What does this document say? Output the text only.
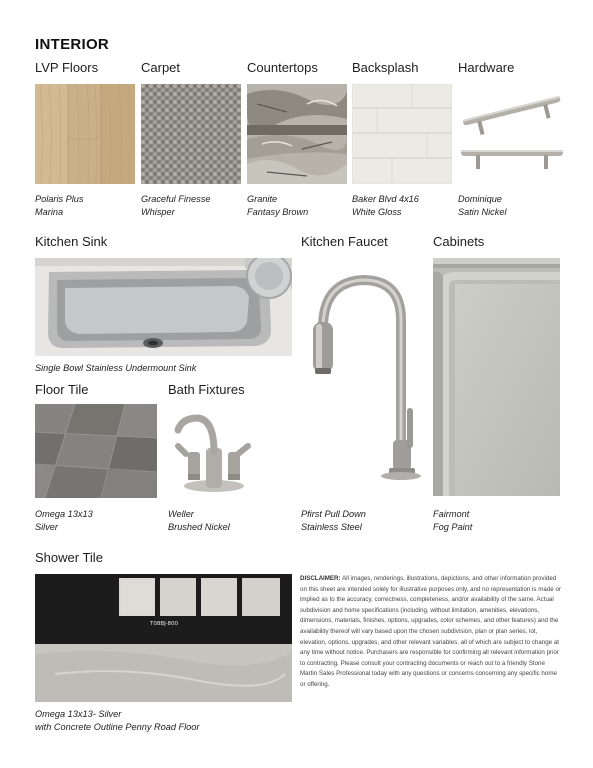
INTERIOR
LVP Floors	Carpet	Countertops	Backsplash	Hardware
Polaris Plus
Marina
Graceful Finesse
Whisper
Granite
Fantasy Brown
Baker Blvd 4x16
White Gloss
Dominique
Satin Nickel
Kitchen Sink	Kitchen Faucet	Cabinets
Single Bowl Stainless Undermount Sink
Floor Tile	Bath Fixtures
Omega 13x13
Silver
Weller
Brushed Nickel
Pfirst Pull Down
Stainless Steel
Fairmont
Fog Paint
Shower Tile
T08BJ-800
Omega 13x13- Silver
with Concrete Outline Penny Road Floor
DISCLAIMER: All images, renderings, illustrations, depictions, and other information provided on this sheet are intended solely for illustrative purposes only, and no representation is made or implied as to the accuracy, correctness, completeness, and/or availability of the same. Actual subdivision and home specifications (including, without limitation, amenities, elevations, dimensions, materials, finishes, options, upgrades, color schemes, and other features) and the availability thereof will vary based upon the chosen subdivision, plan or plan series, lot, elevation, options, upgrades, and other relevant variables, all of which are subject to change at any time without notice. Purchasers are responsible for confirming all relevant information prior to contracting. Please consult your contracting documents or reach out to a friendly Stone Martin Sales Professional today with any questions or concerns concerning any specific home or offering.
